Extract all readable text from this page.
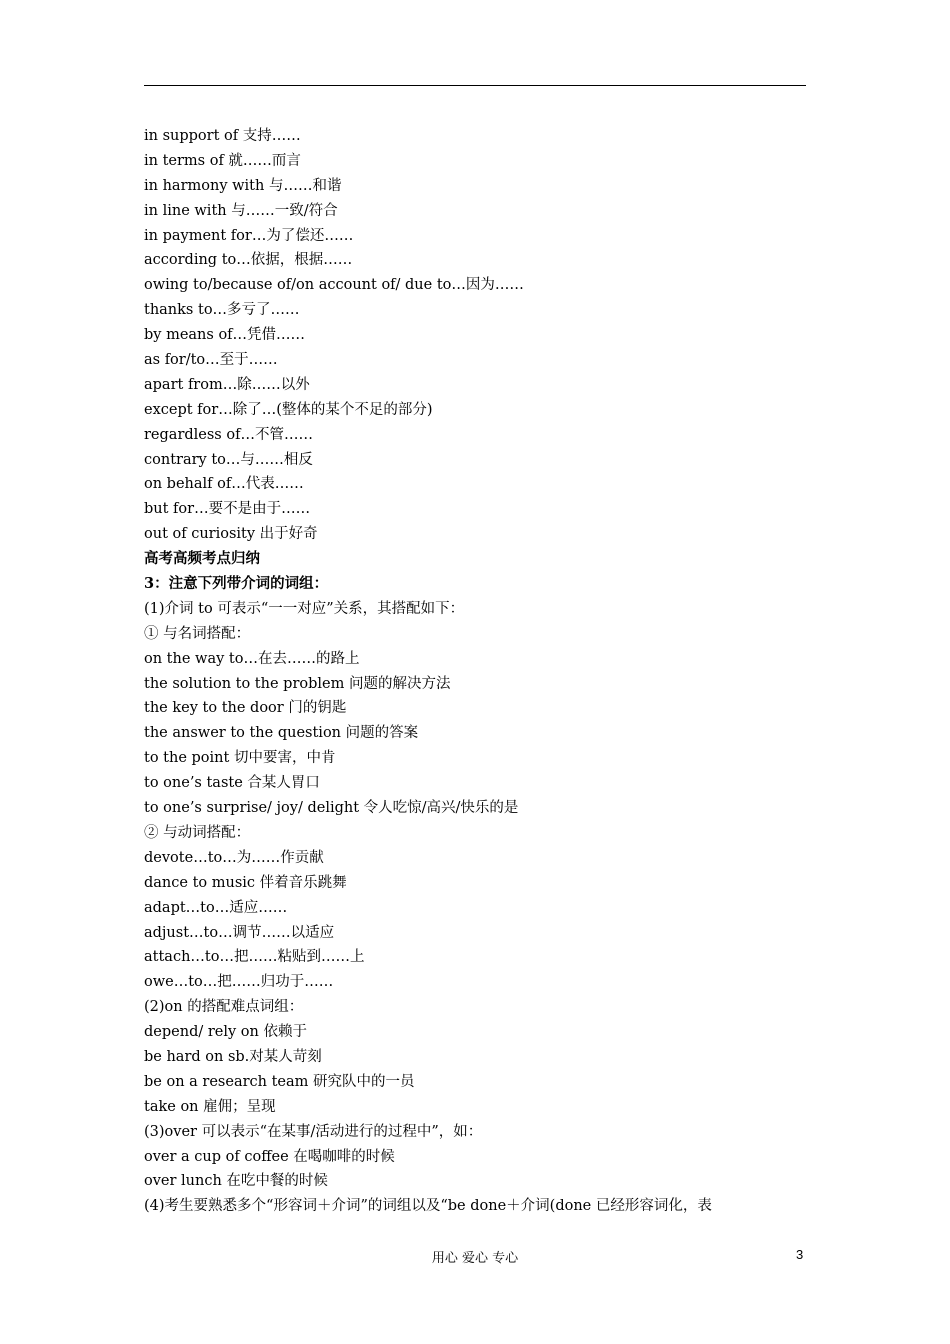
in support of 支持……
in terms of 就……而言
in harmony with 与……和谐
in line with 与……一致/符合
in payment for…为了偿还……
according to…依据，根据……
owing to/because of/on account of/ due to…因为……
thanks to…多亏了……
by means of…凭借……
as for/to…至于……
apart from…除……以外
except for…除了…(整体的某个不足的部分)
regardless of…不管……
contrary to…与……相反
on behalf of…代表……
but for…要不是由于……
out of curiosity 出于好奇
高考高频考点归纳
3：注意下列带介词的词组：
(1)介词 to 可表示“一一对应”关系，其搭配如下：
① 与名词搭配：
on the way to…在去……的路上
the solution to the problem 问题的解决方法
the key to the door 门的钥匙
the answer to the question 问题的答案
to the point 切中要害，中肯
to one’s taste 合某人胃口
to one’s surprise/ joy/ delight 令人吃惊/高兴/快乐的是
② 与动词搭配：
devote…to…为……作贡献
dance to music 伴着音乐跳舞
adapt…to…适应……
adjust…to…调节……以适应
attach…to…把……粘贴到……上
owe…to…把……归功于……
(2)on 的搭配难点词组：
depend/ rely on 依赖于
be hard on sb.对某人苛刻
be on a research team 研究队中的一员
take on 雇佣；呈现
(3)over 可以表示“在某事/活动进行的过程中”，如：
over a cup of coffee 在喝咖啡的时候
over lunch 在吃中餐的时候
(4)考生要熟悉多个“形容词＋介词”的词组以及“be done＋介词(done 已经形容词化，表
用心 爱心 专心	3
